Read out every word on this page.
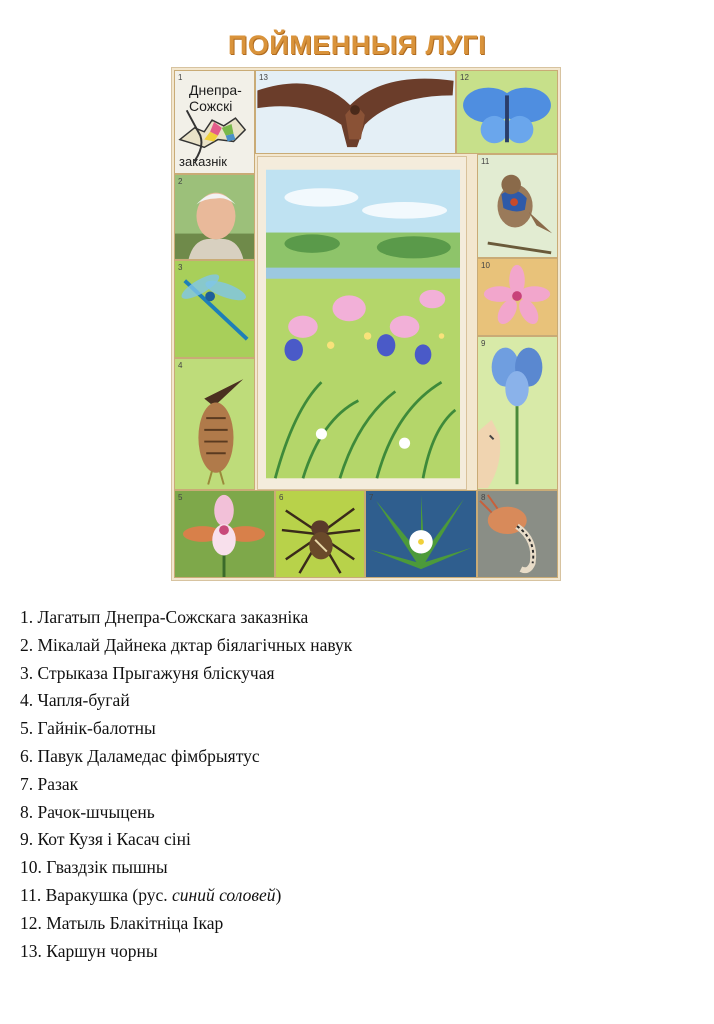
ПОЙМЕННЫЯ ЛУГІ
1
Днепра-
Сожскі
заказнік
13	12
2
3
4
11
10
9
5	6	7	8
1. Лагатып Днепра-Сожскага заказніка
2. Мікалай Дайнека дктар біялагічных навук
3. Стрыказа Прыгажуня бліскучая
4. Чапля-бугай
5. Гайнік-балотны
6. Павук Даламедас фімбрыятус
7. Разак
8. Рачок-шчыцень
9. Кот Кузя і Касач сіні
10. Гваздзік пышны
11. Варакушка (рус. синий соловей)
12. Матыль Блакітніца Ікар
13. Каршун чорны
